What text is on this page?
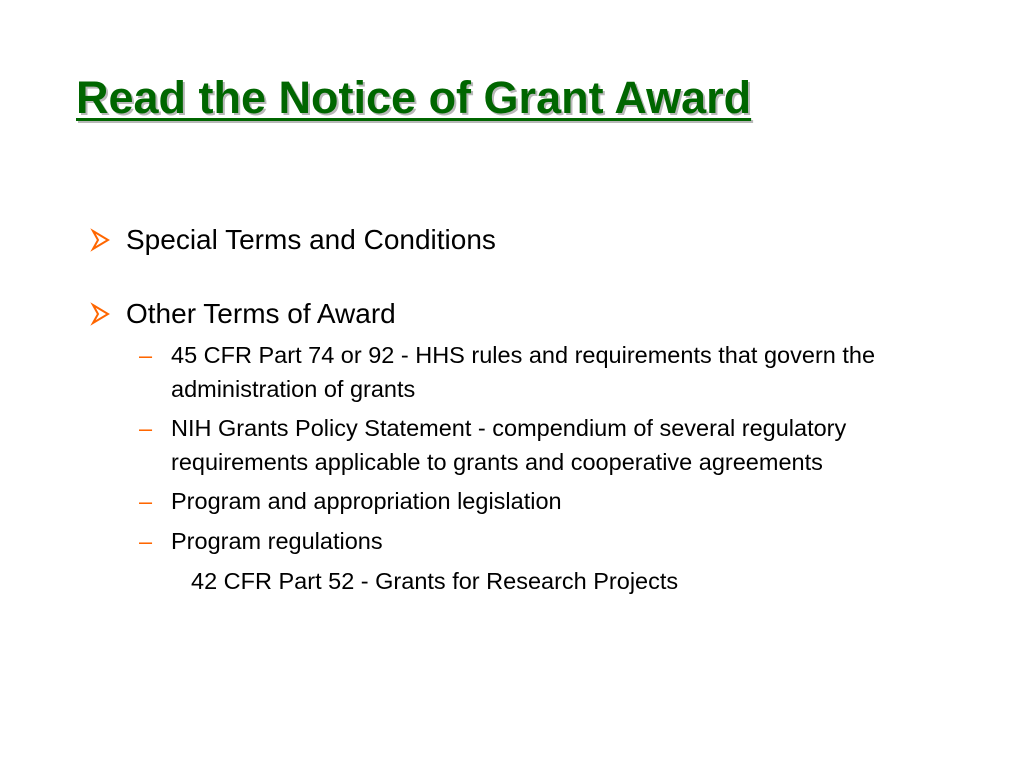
Read the Notice of Grant Award

Special Terms and Conditions

Other Terms of Award
– 45 CFR Part 74 or 92 - HHS rules and requirements that govern the administration of grants
– NIH Grants Policy Statement - compendium of several regulatory requirements applicable to grants and cooperative agreements
– Program and appropriation legislation
– Program regulations

42 CFR Part 52 - Grants for Research Projects
